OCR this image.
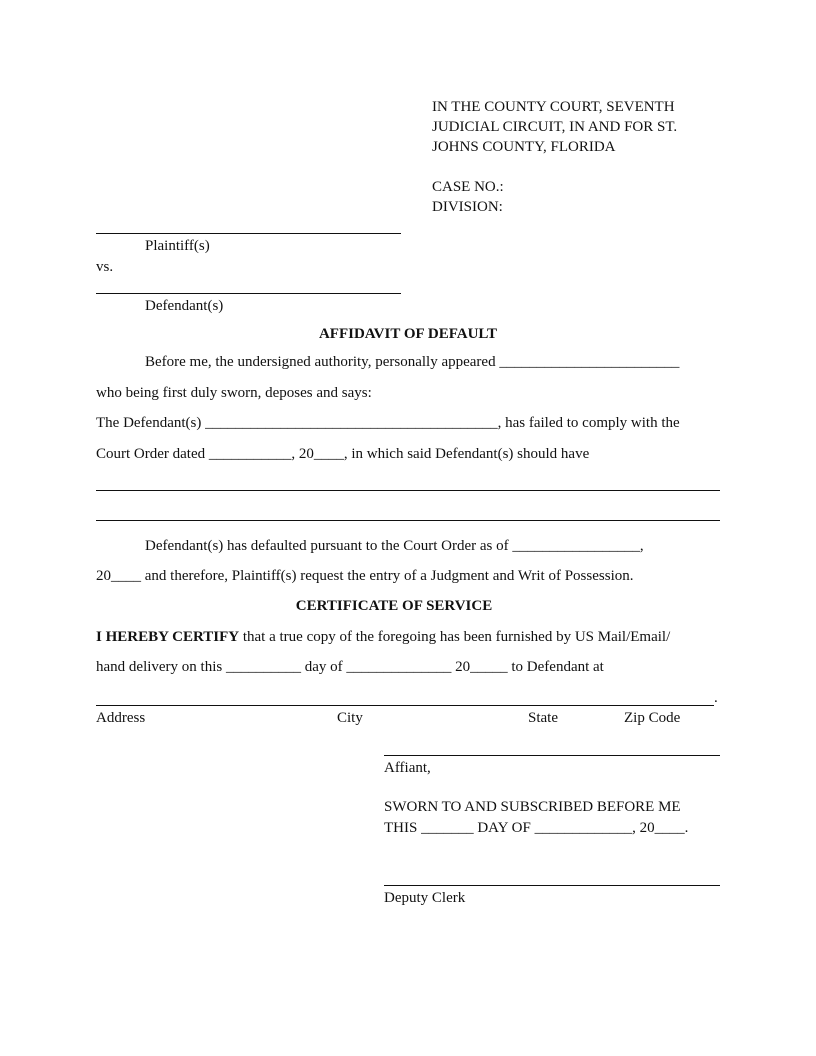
IN THE COUNTY COURT, SEVENTH
JUDICIAL CIRCUIT, IN AND FOR ST.
JOHNS COUNTY, FLORIDA
CASE NO.:
DIVISION:
Plaintiff(s)
vs.
Defendant(s)
AFFIDAVIT OF DEFAULT
Before me, the undersigned authority, personally appeared ________________________
who being first duly sworn, deposes and says:
The Defendant(s) _______________________________________, has failed to comply with the
Court Order dated ___________, 20____, in which said Defendant(s) should have
Defendant(s) has defaulted pursuant to the Court Order as of _________________,
20____ and therefore, Plaintiff(s) request the entry of a Judgment and Writ of Possession.
CERTIFICATE OF SERVICE
I HEREBY CERTIFY that a true copy of the foregoing has been furnished by US Mail/Email/
hand delivery on this __________ day of ______________ 20_____ to Defendant at
.
Address	City	State	Zip Code
Affiant,
SWORN TO AND SUBSCRIBED BEFORE ME
THIS _______ DAY OF _____________, 20____.
Deputy Clerk
